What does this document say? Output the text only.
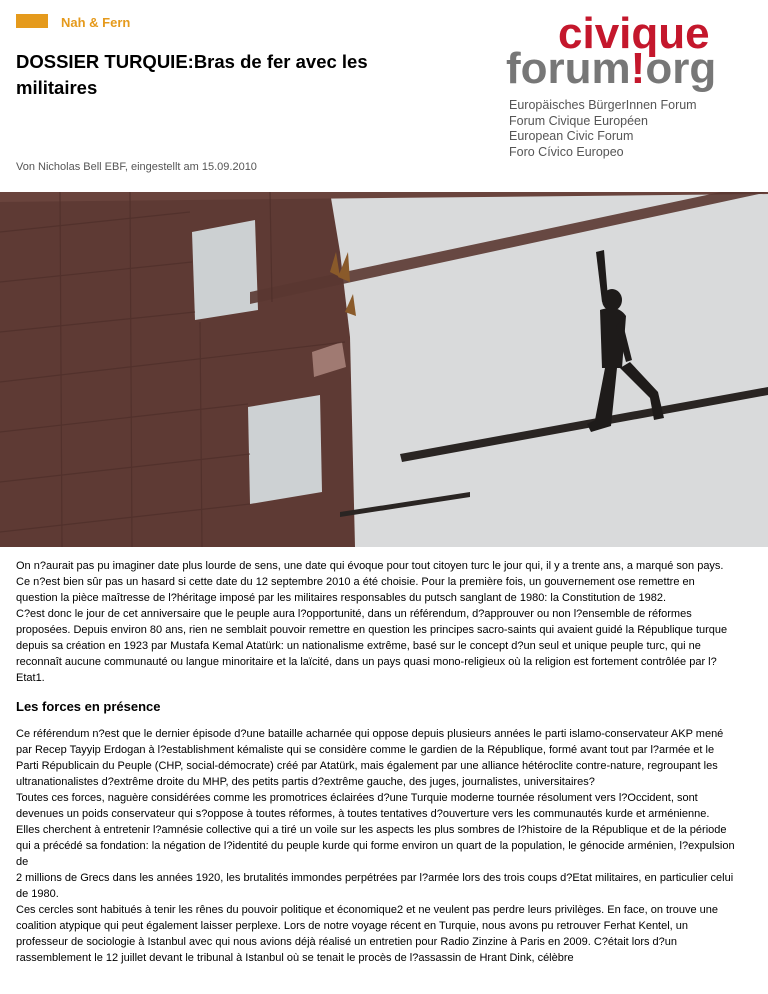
Nah & Fern
DOSSIER TURQUIE:Bras de fer avec les militaires
civique
forum!org
Europäisches BürgerInnen Forum
Forum Civique Européen
European Civic Forum
Foro Cívico Europeo
Von Nicholas Bell EBF, eingestellt am 15.09.2010

On n?aurait pas pu imaginer date plus lourde de sens, une date qui évoque pour tout citoyen turc le jour qui, il y a trente ans, a marqué son pays. Ce n?est bien sûr pas un hasard si cette date du 12 septembre 2010 a été choisie. Pour la première fois, un gouvernement ose remettre en question la pièce maîtresse de l?héritage imposé par les militaires responsables du putsch sanglant de 1980: la Constitution de 1982.

C?est donc le jour de cet anniversaire que le peuple aura l?opportunité, dans un référendum, d?approuver ou non l?ensemble de réformes proposées. Depuis environ 80 ans, rien ne semblait pouvoir remettre en question les principes sacro-saints qui avaient guidé la République turque depuis sa création en 1923 par Mustafa Kemal Atatürk: un nationalisme extrême, basé sur le concept d?un seul et unique peuple turc, qui ne reconnaît aucune communauté ou langue minoritaire et la laïcité, dans un pays quasi mono-religieux où la religion est fortement contrôlée par l?Etat1.

Les forces en présence

Ce référendum n?est que le dernier épisode d?une bataille acharnée qui oppose depuis plusieurs années le parti islamo-conservateur AKP mené par Recep Tayyip Erdogan à l?establishment kémaliste qui se considère comme le gardien de la République, formé avant tout par l?armée et le Parti Républicain du Peuple (CHP, social-démocrate) créé par Atatürk, mais également par une alliance hétéroclite contre-nature, regroupant les ultranationalistes d?extrême droite du MHP, des petits partis d?extrême gauche, des juges, journalistes, universitaires?

Toutes ces forces, naguère considérées comme les promotrices éclairées d?une Turquie moderne tournée résolument vers l?Occident, sont devenues un poids conservateur qui s?oppose à toutes réformes, à toutes tentatives d?ouverture vers les communautés kurde et arménienne. Elles cherchent à entretenir l?amnésie collective qui a tiré un voile sur les aspects les plus sombres de l?histoire de la République et de la période qui a précédé sa fondation: la négation de l?identité du peuple kurde qui forme environ un quart de la population, le génocide arménien, l?expulsion de

2 millions de Grecs dans les années 1920, les brutalités immondes perpétrées par l?armée lors des trois coups d?Etat militaires, en particulier celui de 1980.

Ces cercles sont habitués à tenir les rênes du pouvoir politique et économique2 et ne veulent pas perdre leurs privilèges. En face, on trouve une coalition atypique qui peut également laisser perplexe. Lors de notre voyage récent en Turquie, nous avons pu retrouver Ferhat Kentel, un professeur de sociologie à Istanbul avec qui nous avions déjà réalisé un entretien pour Radio Zinzine à Paris en 2009. C?était lors d?un rassemblement le 12 juillet devant le tribunal à Istanbul où se tenait le procès de l?assassin de Hrant Dink, célèbre
